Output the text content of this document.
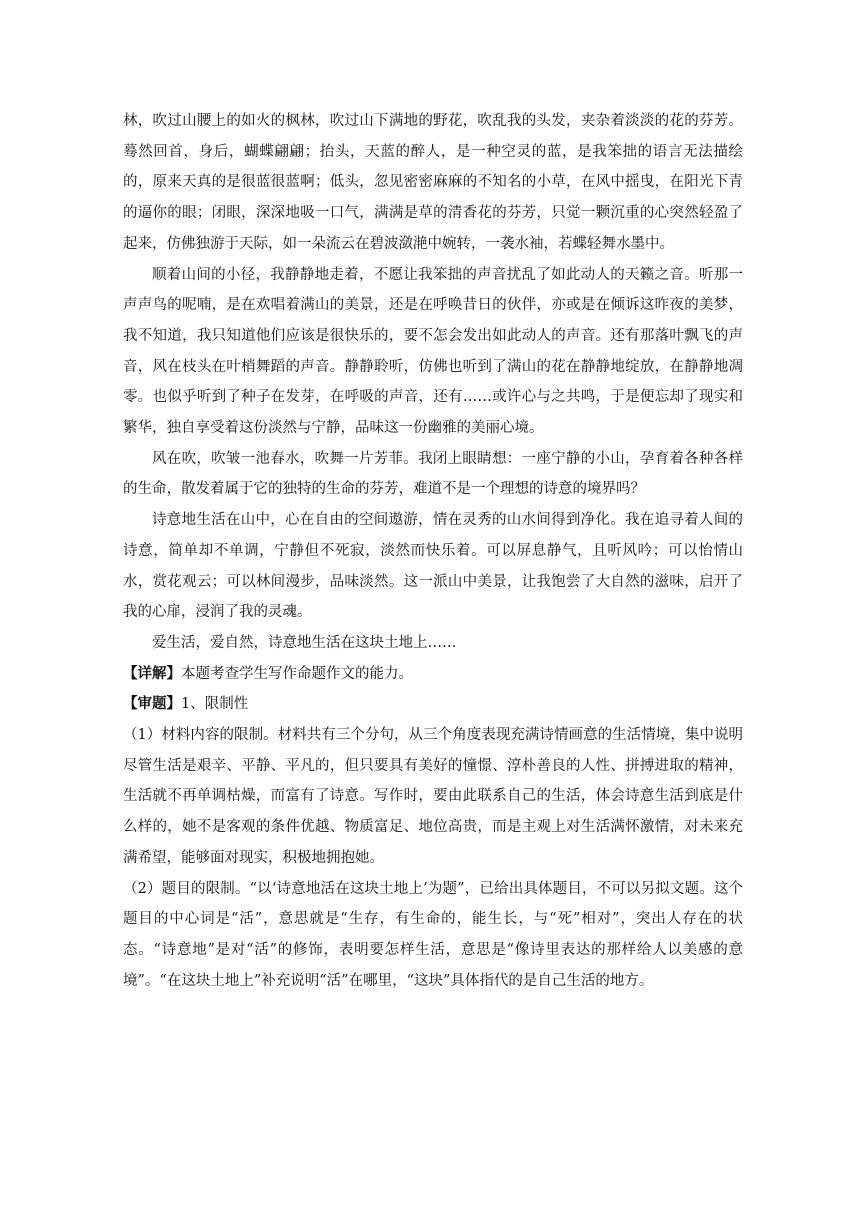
林，吹过山腰上的如火的枫林，吹过山下满地的野花，吹乱我的头发，夹杂着淡淡的花的芬芳。蓦然回首，身后，蝴蝶翩翩；抬头，天蓝的醉人，是一种空灵的蓝，是我笨拙的语言无法描绘的，原来天真的是很蓝很蓝啊；低头，忽见密密麻麻的不知名的小草，在风中摇曳，在阳光下青的逼你的眼；闭眼，深深地吸一口气，满满是草的清香花的芬芳，只觉一颗沉重的心突然轻盈了起来，仿佛独游于天际，如一朵流云在碧波潋滟中婉转，一袭水袖，若蝶轻舞水墨中。

顺着山间的小径，我静静地走着，不愿让我笨拙的声音扰乱了如此动人的天籁之音。听那一声声鸟的呢喃，是在欢唱着满山的美景，还是在呼唤昔日的伙伴，亦或是在倾诉这昨夜的美梦，我不知道，我只知道他们应该是很快乐的，要不怎会发出如此动人的声音。还有那落叶飘飞的声音，风在枝头在叶梢舞蹈的声音。静静聆听，仿佛也听到了满山的花在静静地绽放，在静静地凋零。也似乎听到了种子在发芽，在呼吸的声音，还有……或许心与之共鸣，于是便忘却了现实和繁华，独自享受着这份淡然与宁静，品味这一份幽雅的美丽心境。

风在吹，吹皱一池春水，吹舞一片芳菲。我闭上眼睛想：一座宁静的小山，孕育着各种各样的生命，散发着属于它的独特的生命的芬芳，难道不是一个理想的诗意的境界吗？

诗意地生活在山中，心在自由的空间遨游，情在灵秀的山水间得到净化。我在追寻着人间的诗意，简单却不单调，宁静但不死寂，淡然而快乐着。可以屏息静气，且听风吟；可以怡情山水，赏花观云；可以林间漫步，品味淡然。这一派山中美景，让我饱尝了大自然的滋味，启开了我的心扉，浸润了我的灵魂。

爱生活，爱自然，诗意地生活在这块土地上……

【详解】本题考查学生写作命题作文的能力。

【审题】1、限制性

（1）材料内容的限制。材料共有三个分句，从三个角度表现充满诗情画意的生活情境，集中说明尽管生活是艰辛、平静、平凡的，但只要具有美好的憧憬、淳朴善良的人性、拼搏进取的精神，生活就不再单调枯燥，而富有了诗意。写作时，要由此联系自己的生活，体会诗意生活到底是什么样的，她不是客观的条件优越、物质富足、地位高贵，而是主观上对生活满怀激情，对未来充满希望，能够面对现实，积极地拥抱她。

（2）题目的限制。“以‘诗意地活在这块土地上’为题”，已给出具体题目，不可以另拟文题。这个题目的中心词是“活”，意思就是“生存，有生命的，能生长，与“死”相对”，突出人存在的状态。“诗意地”是对“活”的修饰，表明要怎样生活，意思是“像诗里表达的那样给人以美感的意境”。“在这块土地上”补充说明“活”在哪里，“这块”具体指代的是自己生活的地方。
